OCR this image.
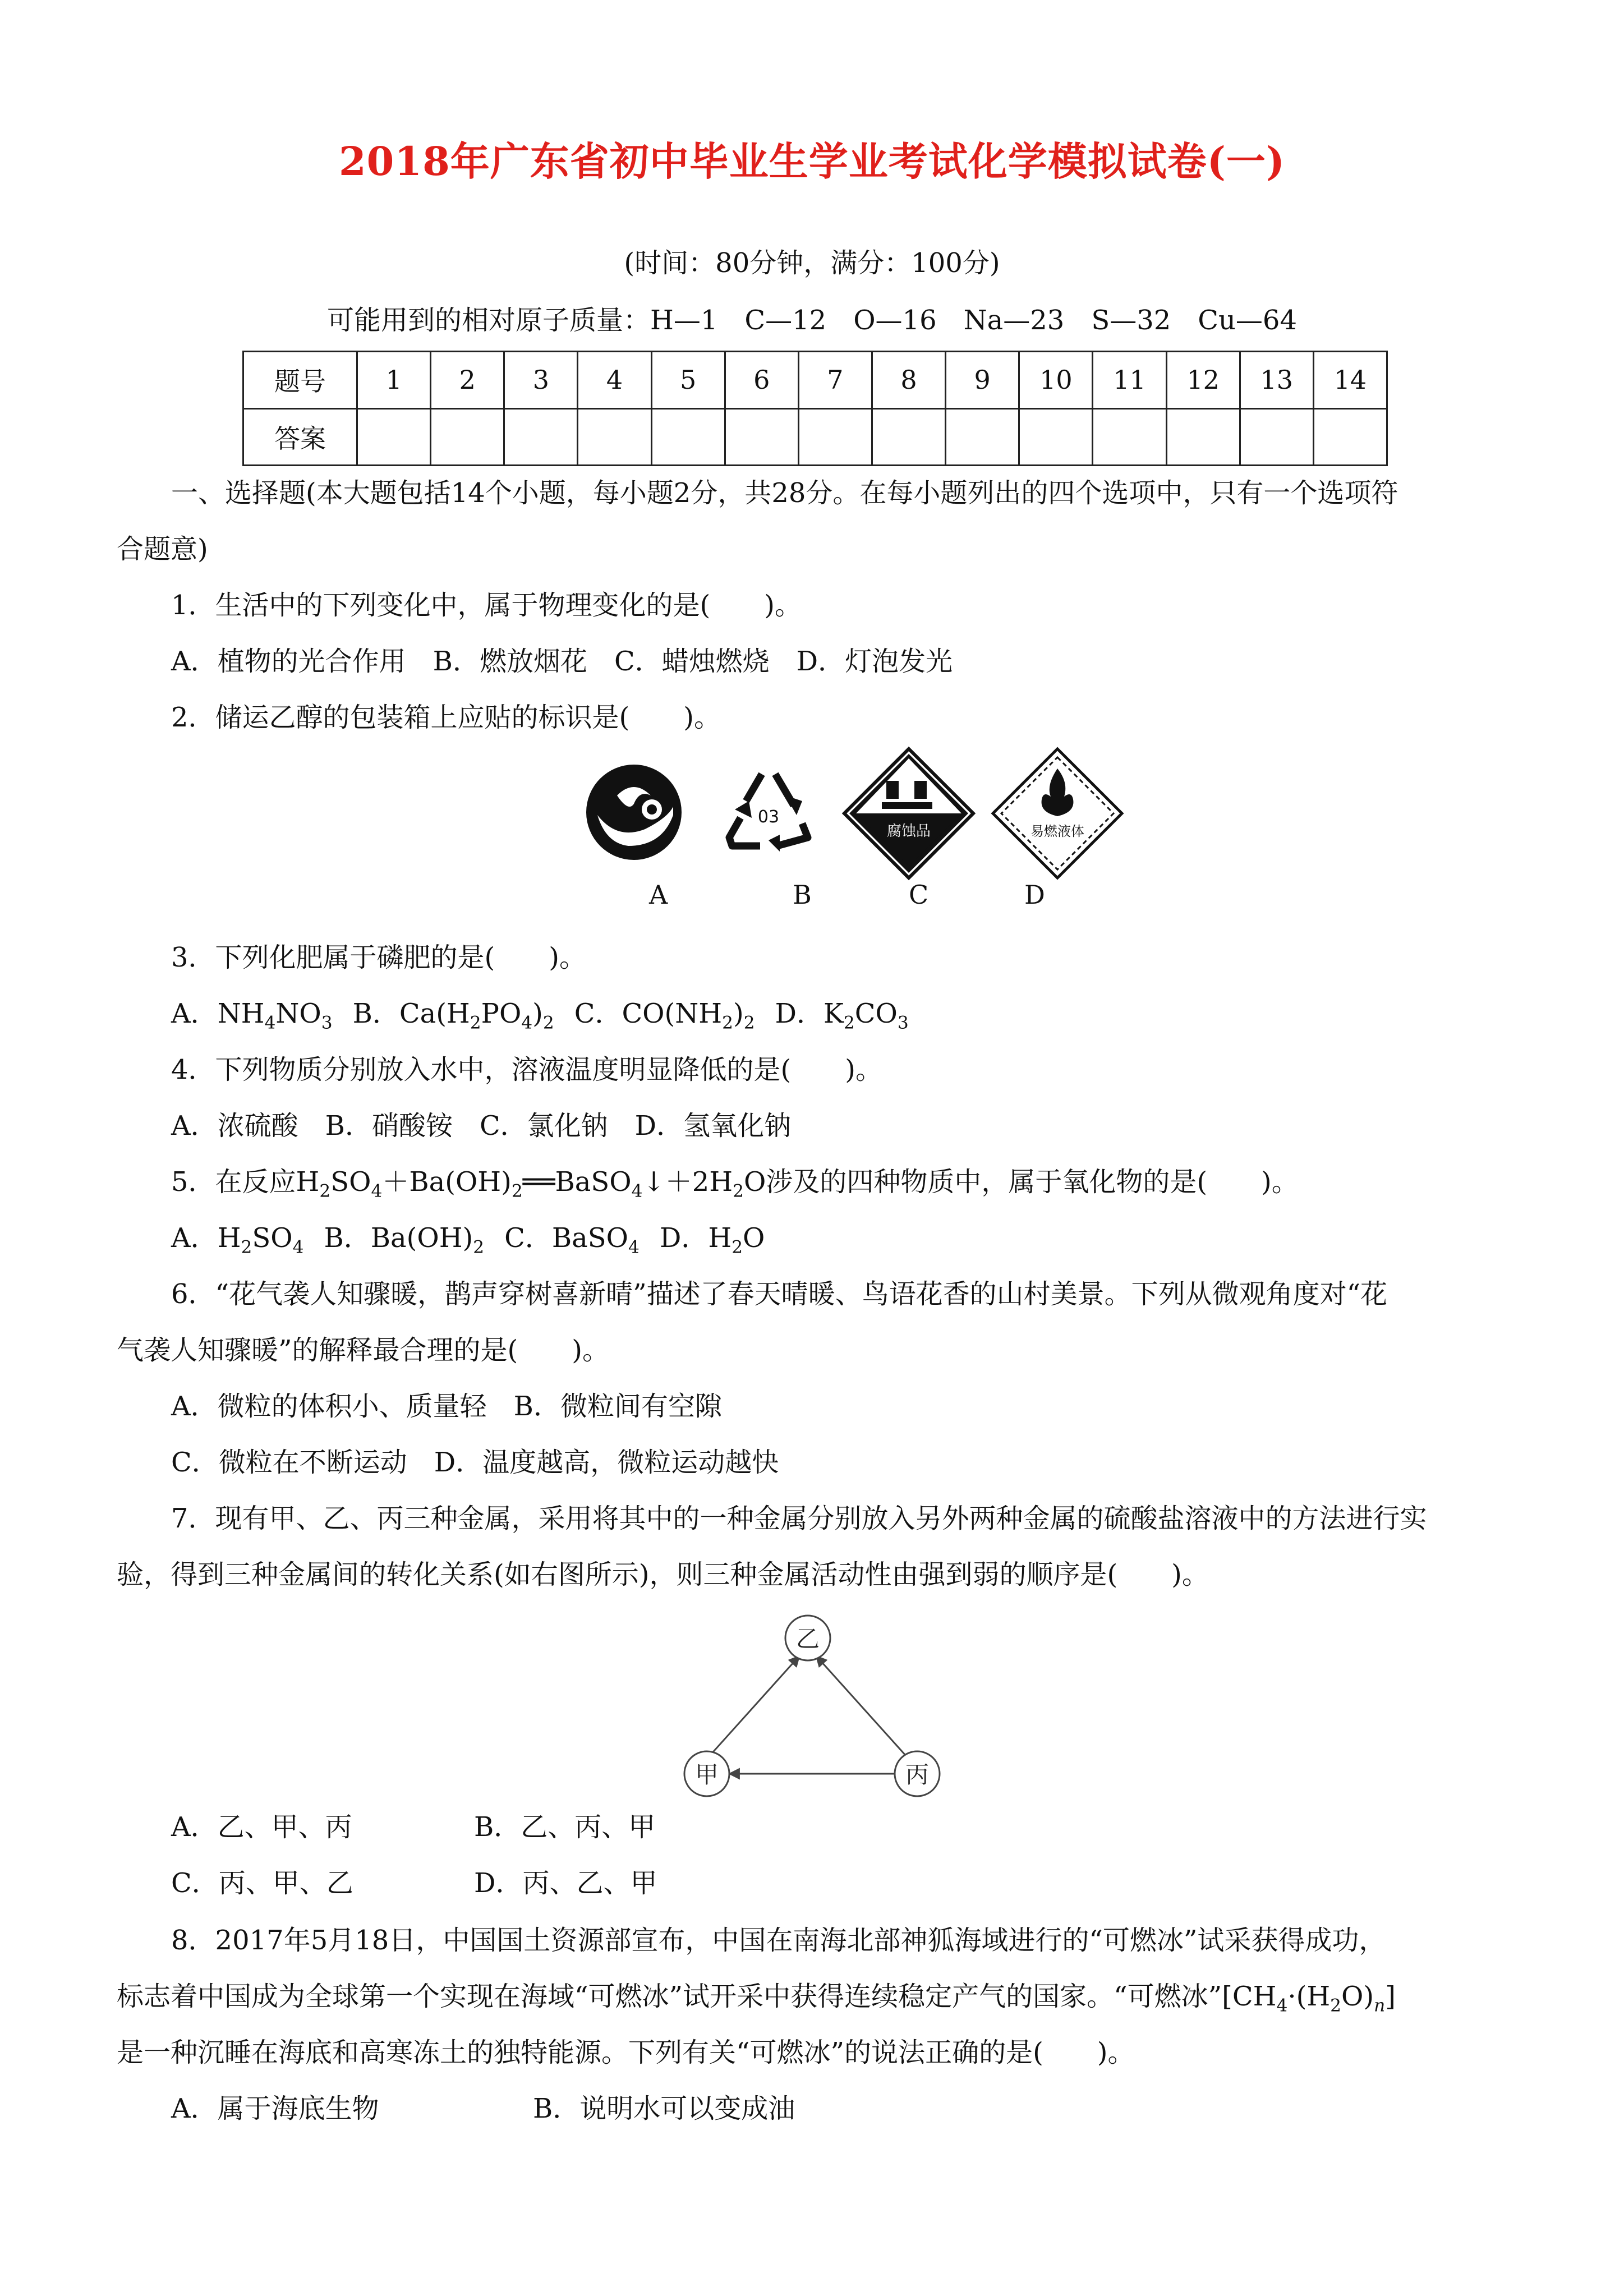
2018年广东省初中毕业生学业考试化学模拟试卷(一)
(时间：80分钟，满分：100分)
可能用到的相对原子质量：H—1　C—12　O—16　Na—23　S—32　Cu—64
题号	1	2	3	4	5	6	7	8	9	10	11	12	13	14
答案														
一、选择题(本大题包括14个小题，每小题2分，共28分。在每小题列出的四个选项中，只有一个选项符
合题意)
1．生活中的下列变化中，属于物理变化的是(　　)。
A．植物的光合作用　B．燃放烟花　C．蜡烛燃烧　D．灯泡发光
2．储运乙醇的包装箱上应贴的标识是(　　)。
03
腐蚀品	易燃液体
A	B	C	D
3．下列化肥属于磷肥的是(　　)。
A．$NH_4NO_3$ B．$Ca(H_2PO_4)_2$ C．$CO(NH_2)_2$ D．$K_2CO_3$
4．下列物质分别放入水中，溶液温度明显降低的是(　　)。
A．浓硫酸　B．硝酸铵　C．氯化钠　D．氢氧化钠
5．在反应$H_2SO_4+Ba(OH)_2══BaSO_4↓+2H_2O$涉及的四种物质中，属于氧化物的是(　　)。
A．$H_2SO_4$ B．$Ba(OH)_2$ C．BaSO$_4$ D．$H_2O$
6．“花气袭人知骤暖，鹊声穿树喜新晴”描述了春天晴暖、鸟语花香的山村美景。下列从微观角度对“花
气袭人知骤暖”的解释最合理的是(　　)。
A．微粒的体积小、质量轻　B．微粒间有空隙
C．微粒在不断运动　D．温度越高，微粒运动越快
7．现有甲、乙、丙三种金属，采用将其中的一种金属分别放入另外两种金属的硫酸盐溶液中的方法进行实
验，得到三种金属间的转化关系(如右图所示)，则三种金属活动性由强到弱的顺序是(　　)。
乙
甲	丙
A．乙、甲、丙	B．乙、丙、甲
C．丙、甲、乙	D．丙、乙、甲
8．2017年5月18日，中国国土资源部宣布，中国在南海北部神狐海域进行的“可燃冰”试采获得成功，
标志着中国成为全球第一个实现在海域“可燃冰”试开采中获得连续稳定产气的国家。“可燃冰$”[CH_4\cdot(H_2O)_n]$
是一种沉睡在海底和高寒冻土的独特能源。下列有关“可燃冰”的说法正确的是(　　)。
A．属于海底生物	B．说明水可以变成油
